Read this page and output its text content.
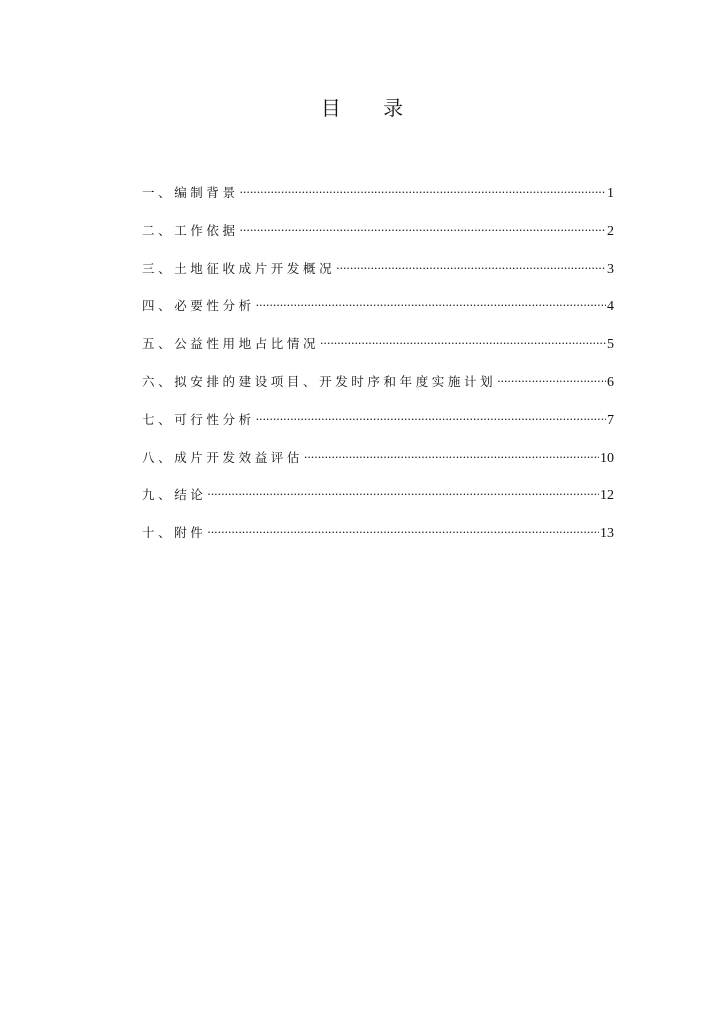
目 录
一、编制背景 .....	1
二、工作依据 .....	2
三、土地征收成片开发概况 .....	3
四、必要性分析 .....	4
五、公益性用地占比情况 .....	5
六、拟安排的建设项目、开发时序和年度实施计划 .....	6
七、可行性分析 .....	7
八、成片开发效益评估 .....	10
九、结论 .....	12
十、附件 .....	13
